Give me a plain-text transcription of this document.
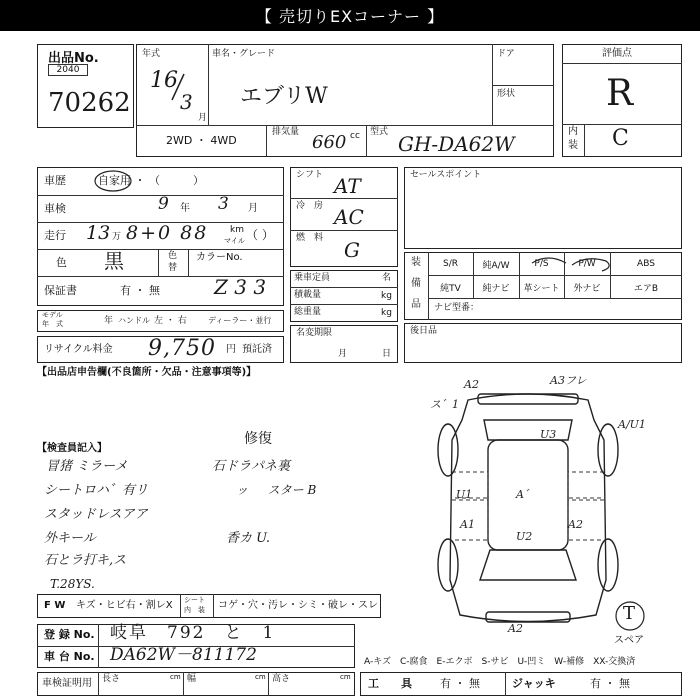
【 売切りEXコーナー 】
出品No.
2040
70262
年式
16
3
月
車名・グレード
エブリW
ドア
形状
2WD ・ 4WD
排気量 660 cc 型式 GH-DA62W
評価点
R
内
装 C
車歴	自家用 ・ （　　　）
車検	9 年 3 月
走行 13 万 8+0 88 km
マイル （ ）
色 黒	色
替
カラーNo.
保証書	有 ・ 無	Z 3 3
モデル
年　式	年 ハンドル 左 ・ 右	ディーラー・並行
リサイクル料金 9,750 円 預託済
シフト AT
冷　房 AC
燃　料 G
乗車定員	名
積載量	kg
総重量	kg
名変期限
月	日
セールスポイント
装
備
品
S/R	純A/W	P/S	P/W	ABS
純TV	純ナビ	革シート	外ナビ	エアB
ナビ型番：
後日品
【出品店申告欄(不良箇所・欠品・注意事項等)】
【検査員記入】
修復
冒猪 ミラーメ
シートロハ゛有リ
スタッドレスアア
外キール
石とラ打キ,ス
T.28YS.
石ドラパネ裏
ッ 　 スター B
香カ U.
A2	A3フレ
ス゛1
U3
A/U1
U1	A゛
A1
U2
A2
A2
T
スペア
F W キズ・ヒビ右・割レX シート
内　装 コゲ・穴・汚レ・シミ・破レ・スレ
登 録 No. 岐阜　792　と　1
車 台 No. DA62W－811172	A-キズ　C-腐食　E-エクボ　S-サビ　U-凹ミ　W-補修　XX-交換済
車検証明用 長さ	cm 幅	cm 高さ	cm 工　　具	有 ・ 無	ジャッキ	有 ・ 無
